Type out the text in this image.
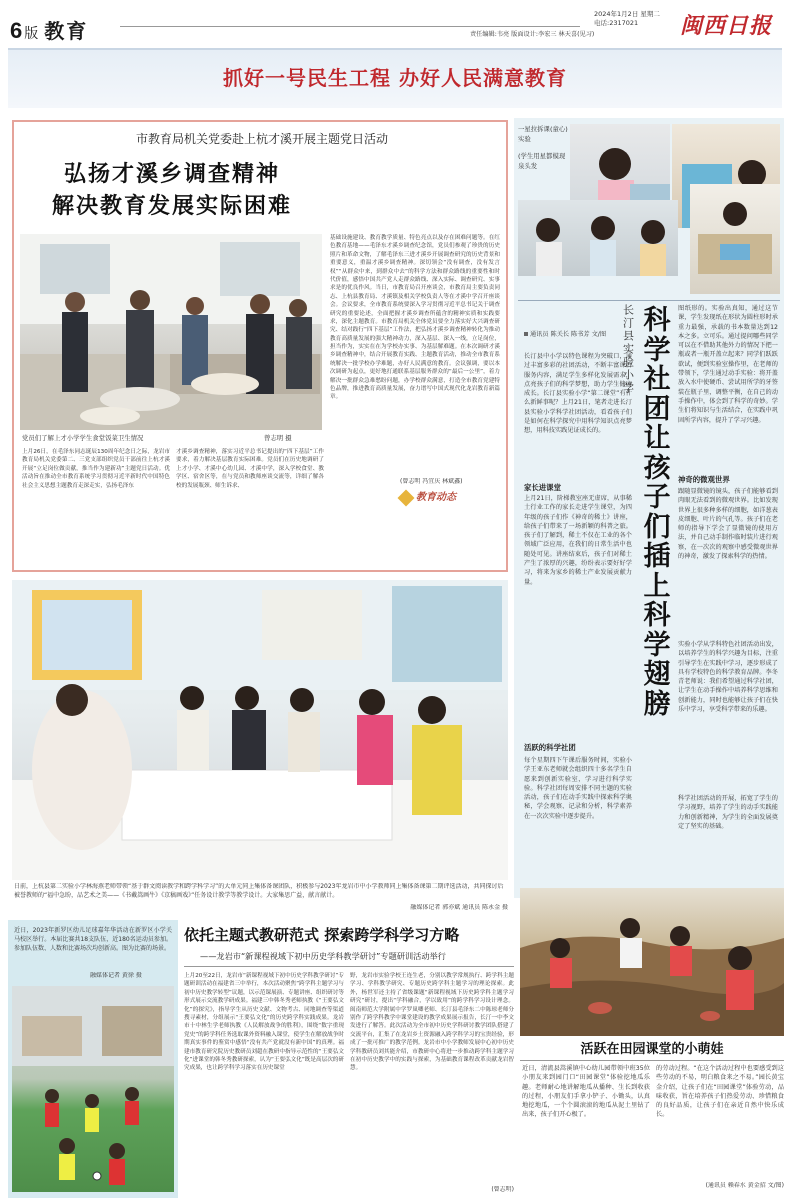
6 版 教育
2024年1月2日 星期二
电话:2317021
责任编辑:韦亮 版面设计:李宏三 林天喜(见习)	闽西日报
抓好一号民生工程 办好人民满意教育
市教育局机关党委赴上杭才溪开展主题党日活动
弘扬才溪乡调查精神
解决教育发展实际困难
党员们了解上才小学学生食堂饭菜卫生情况	曾志明 摄
上月26日，在毛泽东同志诞辰130周年纪念日之际，龙岩市教育局机关党委第二、三党支部组织党员干部前往上杭才溪开展“立足岗位做贡献，推当作为建新功”主题党日活动。优活动旨在推动全市教育系统学习贯彻习近平新时代中国特色社会主义思想主题教育走深走实，弘扬毛泽东
才溪乡调查精神，落实习近平总书记提出的“四下基层”工作要求，着力解决基层教育实际困难。党员们在历史地调研了上才小学、才溪中心幼儿园、才溪中学，深入学校食堂、教学区、宿舍区等，在与党员和教师座谈交流等，详细了解各校的发展瓶颈、师生诉求、
基础设施建设、教育教学质量、特色亮点以及存在困难问题等。在红色教育基地——毛泽东才溪乡调查纪念馆，党员们参观了珍贵的历史照片和革命文物，了解毛泽东三进才溪乡开展调查研究的历史背景和重要意义，重温才溪乡调查精神。深切领会“没有调查，没有发言权”“从群众中来，到群众中去”的科学方法和群众路线的重要性和时代价值，感悟中国共产党人走群众路线、深入实际、调查研究、实事求是的优良作风。当日，市教育局召开座谈会，市教育局主要负责同志、上杭县教育局、才溪镇及相关学校负责人等在才溪中学召开座谈会。会议要求，全市教育系统要深入学习贯彻习近平总书记关于调查研究的重要论述，全面把握才溪乡调查所蕴含的精神实质和实践要求，深化主题教育。市教育局机关全体党员要全力落实好大兴调查研究、结对践行“四下基层”工作法，把弘扬才溪乡调查精神转化为推动教育高质量发展的强大精神动力，深入基层、深入一线，立足岗位，担当作为，实实在在为学校办实事、为基层解难题。在本次调研才溪乡调查精神中，结合开展教育实践、主题教育活动，推动全市教育系统解决一批学校办学难题，办好人民满意的教育。会议强调，要以本次调研为起点，更好地打通联系基层服务群众的“最后一公里”，着力解决一批群众急难愁盼问题，办学校群众满意，打造全市教育党建特色品牌，推进教育高质量发展，奋力谱写中国式现代化龙岩教育新篇章。
(曾志明 冯宜庆 林斌鑫)
教育动态
日前，上杭县第二实验小学林海燕老师带领“基于群文阅读教学和跨学科学习”的大单元同上集体备课团队，积极参与2023年龙岩市中小学教师同上集体备课第二期评选活动，共同探讨后被誉教师的“福中急盼，品艺术之美——《书戴嵩画牛》《京稿画戏》”任务设计教学等教学设计。大家集思广益，献言献计。
融媒体记者 郭亦斌 通讯员 陈永金 摄
近日，2023年新罗区幼儿足球嘉年华活动在新罗区小学关马校区举行。本届比赛共18支队伍，近180名运动员参加。参加队伍数、人数和比赛场次均创新高。图为比赛的场景。
融媒体记者 黄徐 摄
依托主题式教研范式 探索跨学科学习方略
——龙岩市“新课程视域下初中历史学科教学研讨”专题研训活动举行
上月20至22日，龙岩市“新课程视域下初中历史学科教学研讨”专题研训活动在福建省三中举行，本次活动聚焦“跨学科主题学习与初中历史教学转型”议题，以示范课展演、专题讲座、组织研讨等形式展示交流教学研成果。福建三中韩冬秀老师执教《“王要弘文化”的探究》，指导学生从历史文献、文物考古、同地调查等渠道搜寻素材，分组展示“王要弘文化”的历史跨学科实践成果。龙岩市十中林生学老师执教《人民解放战争的胜利》，围绕“数字重现党史”的跨学科任务选取课外资料融入课堂，使学生在解放战争时期真实事件的鉴赏中感悟“没有共产党就没有新中国”的真理。福建市教育研究院历史教研员刘超在教研中指导示范性的“王要弘文化”进课堂的韩冬秀教研探索，认为“王要弘文化”既是高层次的研究成果，也让跨学科学习落实在历史课堂
野，龙岩市实验学校王连生老，分别以教学常规执行、跨学科主题学习、学科教学研究、专题历史跨学科主题学习的理论探索。此外，杨世军还主持了省级课题“新课程视域下历史跨学科主题学习研究”研讨，提出“学科融合，学以致用”的跨学科学习设计理念。闽南师范大学附属中学罗岚卿老师、长汀县毛泽东二中陈琼老师分别作了跨学科教学中课堂建设的教学成果展示报告，长汀一中李文发进行了解答。此次活动为全市初中历史学科研讨教学团队搭建了交流平台，汇集了在龙岩乡土资源融入跨学科学习的宝贵经验，形成了一批可推广的教学范例。龙岩市中小学教师发展中心初中历史学科教研员刘其能介绍，市教研中心将进一步推动跨学科主题学习在初中历史教学中的实践与探索，为基础教育课程改革贡献龙岩智慧。
(曾志明)
一星拉拆课(童心)实验
(学生用星都模现泉头发
长汀县实验小学 科
学
社
团
让
孩
子
们
插
上
科
学
翅
膀
通讯员 陈关长 陈书芳 文/图
长汀县中小学以特色课程为突破口，通过丰富多彩的社团活动，不断丰富课后服务内容，满足学生多样化发展需求，点亮孩子们的科学梦想，助力学生健康成长。长汀县实验小学“第二课堂”有什么新鲜事呢？上月21日，笔者走进长汀县实验小学科学社团活动，看看孩子们是如何在科学探究中用科学知识点亮梦想，用科技实践见证成长的。
家长进课堂
上月21日，阶梯教室座无虚席，从事稀土行业工作的家长走进学生课堂，为四年级的孩子们作《神奇的稀土》讲座，给孩子们带来了一场新颖的科普之旅。孩子们了解到，稀土不仅在工业的各个领域广泛应用，在我们的日常生活中也随处可见。讲座结束后，孩子们对稀土产生了浓厚的兴趣，纷纷表示要好好学习，将来为家乡的稀土产业发展贡献力量。
活跃的科学社团
每个星期四下午课后服务时间，实验小学王亚东老师就会组织四十多名学生自愿来到创新实验室，学习进行科学实验。科学社团每周安排不同主题的实验活动，孩子们在动手实践中探索科学奥秘，学会观察、记录和分析，科学素养在一次次实验中逐步提升。
图纸形的。实验出真知，通过这节课，学生发现纸在形状为圆柱形时承重力最强，承载的书本数量达到12本之多。立可乐。通过提问哪些同学可以在不借助其他外力的情况下把一瓶或者一瓶开盖立起来？同学们跃跃欲试，便到实验室操作里，在老师的带领下，学生通过动手实验：将开盖放入水中使硬币、尝试用所学的牙签装在瓶子里，调整平衡，在自己的动手操作中，体会到了科学的奇妙。学生们将知识与生活结合，在实践中巩固所学内容，提升了学习兴趣。
神奇的微观世界
跟随显微镜的镜头，孩子们能够看到肉眼无法看到的微观世界。比如发现世界上很多种多样的细胞，如洋葱表皮细胞、叶片的气孔等。孩子们在老师的指导下学会了显微镜的使用方法，并自己动手制作临时装片进行观察，在一次次的观察中感受微观世界的神奇，激发了探索科学的热情。
实验小学从学科特色社团活动出发，以培养学生的科学兴趣为目标，注重引导学生在实践中学习，逐步形成了具有学校特色的科学教育品牌。李冬青老师说：我们希望通过科学社团，让学生在动手操作中培养科学思维和创新能力，同时也能够让孩子们在快乐中学习，享受科学带来的乐趣。
科学社团活动的开展，拓宽了学生的学习视野，培养了学生的动手实践能力和创新精神，为学生的全面发展奠定了坚实的基础。
活跃在田园课堂的小萌娃
近日，清流县嵩溪镇中心幼儿园带领中班35位小朋友来到园门口“田园课堂”体验挖地瓜乐趣。老师耐心地讲解地瓜从播种、生长到收获的过程，小朋友们手拿小铲子、小锄头，认真地挖地瓜，一个个圆滚滚的地瓜从泥土里钻了出来，孩子们开心极了。
的劳动过程。“在这个活动过程中也要感受到这些劳动的不易，明白粮食来之不易。”园长黄宝金介绍，让孩子们在“田园课堂”体验劳动，品味收获，旨在培养孩子们热爱劳动、珍惜粮食的良好品质，让孩子们在亲近自然中快乐成长。
(通讯员 赖春水 黄金招 文/图)
